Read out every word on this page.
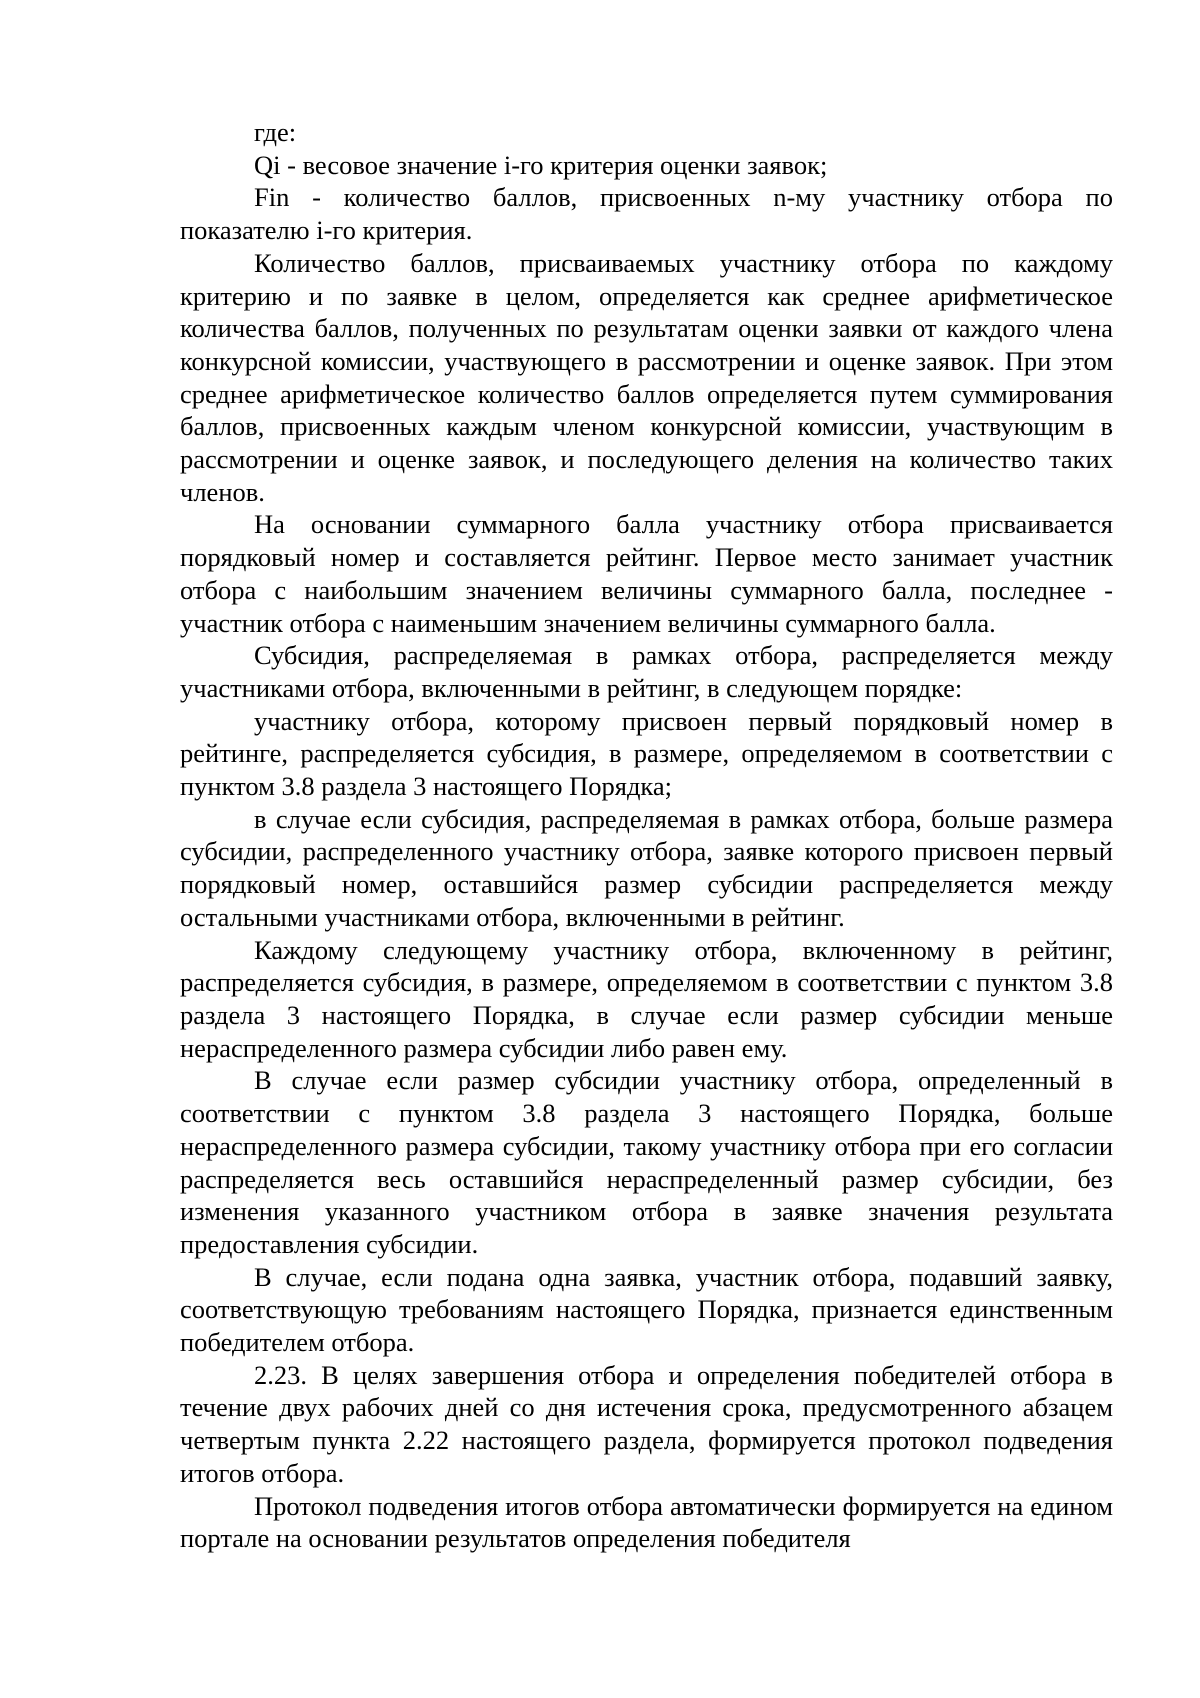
где:

Qi - весовое значение i-го критерия оценки заявок;

Fin - количество баллов, присвоенных n-му участнику отбора по показателю i-го критерия.

Количество баллов, присваиваемых участнику отбора по каждому критерию и по заявке в целом, определяется как среднее арифметическое количества баллов, полученных по результатам оценки заявки от каждого члена конкурсной комиссии, участвующего в рассмотрении и оценке заявок. При этом среднее арифметическое количество баллов определяется путем суммирования баллов, присвоенных каждым членом конкурсной комиссии, участвующим в рассмотрении и оценке заявок, и последующего деления на количество таких членов.

На основании суммарного балла участнику отбора присваивается порядковый номер и составляется рейтинг. Первое место занимает участник отбора с наибольшим значением величины суммарного балла, последнее - участник отбора с наименьшим значением величины суммарного балла.

Субсидия, распределяемая в рамках отбора, распределяется между участниками отбора, включенными в рейтинг, в следующем порядке:

участнику отбора, которому присвоен первый порядковый номер в рейтинге, распределяется субсидия, в размере, определяемом в соответствии с пунктом 3.8 раздела 3 настоящего Порядка;

в случае если субсидия, распределяемая в рамках отбора, больше размера субсидии, распределенного участнику отбора, заявке которого присвоен первый порядковый номер, оставшийся размер субсидии распределяется между остальными участниками отбора, включенными в рейтинг.

Каждому следующему участнику отбора, включенному в рейтинг, распределяется субсидия, в размере, определяемом в соответствии с пунктом 3.8 раздела 3 настоящего Порядка, в случае если размер субсидии меньше нераспределенного размера субсидии либо равен ему.

В случае если размер субсидии участнику отбора, определенный в соответствии с пунктом 3.8 раздела 3 настоящего Порядка, больше нераспределенного размера субсидии, такому участнику отбора при его согласии распределяется весь оставшийся нераспределенный размер субсидии, без изменения указанного участником отбора в заявке значения результата предоставления субсидии.

В случае, если подана одна заявка, участник отбора, подавший заявку, соответствующую требованиям настоящего Порядка, признается единственным победителем отбора.

2.23. В целях завершения отбора и определения победителей отбора в течение двух рабочих дней со дня истечения срока, предусмотренного абзацем четвертым пункта 2.22 настоящего раздела, формируется протокол подведения итогов отбора.

Протокол подведения итогов отбора автоматически формируется на едином портале на основании результатов определения победителя
